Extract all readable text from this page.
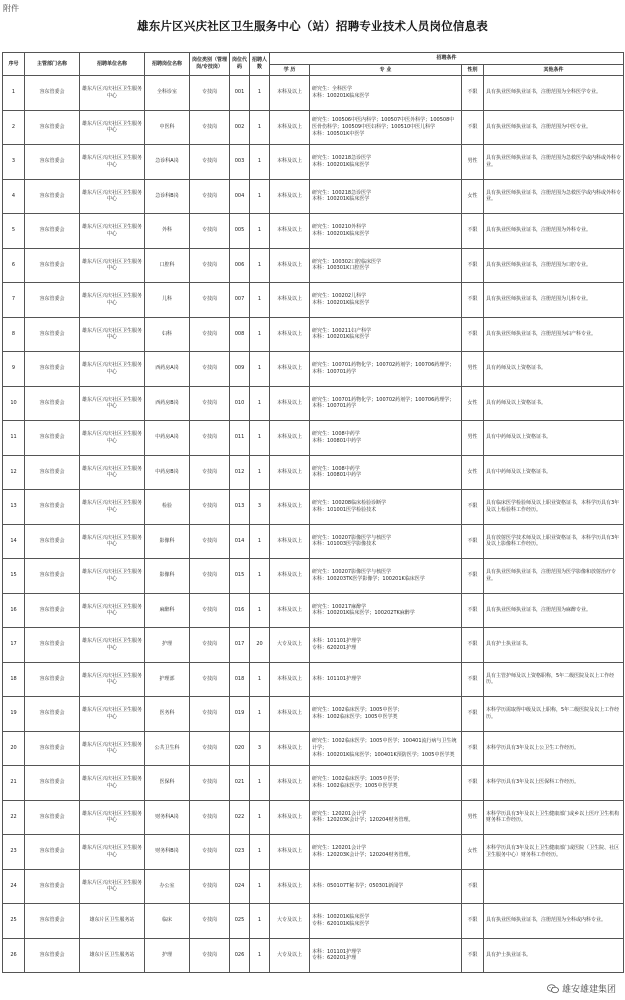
附件
雄东片区兴庆社区卫生服务中心（站）招聘专业技术人员岗位信息表
序号	主管部门名称	招聘单位名称	招聘岗位名称	岗位类别（管理岗/专技岗）	岗位代码	招聘人数	招聘条件			
							学 历	专 业	性别	其他条件
1	容东管委会	雄东片区兴庆社区卫生服务中心	全科诊室	专技岗	001	1	本科及以上	研究生：全科医学
本科：100201K临床医学	不限	具有执业医师执业证书，注册范围为全科医学专业。
2	容东管委会	雄东片区兴庆社区卫生服务中心	中医科	专技岗	002	1	本科及以上	研究生：100506中医内科学；100507中医外科学；100508中医骨伤科学；100509中医妇科学；100510中医儿科学
本科：100501K中医学	不限	具有执业医师执业证书，注册范围为中医专业。
3	容东管委会	雄东片区兴庆社区卫生服务中心	急诊科A岗	专技岗	003	1	本科及以上	研究生：100218急诊医学
本科：100201K临床医学	男性	具有执业医师执业证书，注册范围为急救医学或内科或外科专业。
4	容东管委会	雄东片区兴庆社区卫生服务中心	急诊科B岗	专技岗	004	1	本科及以上	研究生：100218急诊医学
本科：100201K临床医学	女性	具有执业医师执业证书，注册范围为急救医学或内科或外科专业。
5	容东管委会	雄东片区兴庆社区卫生服务中心	外科	专技岗	005	1	本科及以上	研究生：100210外科学
本科：100201K临床医学	不限	具有执业医师执业证书，注册范围为外科专业。
6	容东管委会	雄东片区兴庆社区卫生服务中心	口腔科	专技岗	006	1	本科及以上	研究生：100302口腔临床医学
本科：100301K口腔医学	不限	具有执业医师执业证书，注册范围为口腔专业。
7	容东管委会	雄东片区兴庆社区卫生服务中心	儿科	专技岗	007	1	本科及以上	研究生：100202儿科学
本科：100201K临床医学	不限	具有执业医师执业证书，注册范围为儿科专业。
8	容东管委会	雄东片区兴庆社区卫生服务中心	妇科	专技岗	008	1	本科及以上	研究生：100211妇产科学
本科：100201K临床医学	不限	具有执业医师执业证书，注册范围为妇产科专业。
9	容东管委会	雄东片区兴庆社区卫生服务中心	西药房A岗	专技岗	009	1	本科及以上	研究生：100701药物化学；100702药剂学；100706药理学；
本科：100701药学	男性	具有药师及以上资格证书。
10	容东管委会	雄东片区兴庆社区卫生服务中心	西药房B岗	专技岗	010	1	本科及以上	研究生：100701药物化学；100702药剂学；100706药理学；
本科：100701药学	女性	具有药师及以上资格证书。
11	容东管委会	雄东片区兴庆社区卫生服务中心	中药房A岗	专技岗	011	1	本科及以上	研究生：1008中药学
本科：100801中药学	男性	具有中药师及以上资格证书。
12	容东管委会	雄东片区兴庆社区卫生服务中心	中药房B岗	专技岗	012	1	本科及以上	研究生：1008中药学
本科：100801中药学	女性	具有中药师及以上资格证书。
13	容东管委会	雄东片区兴庆社区卫生服务中心	检验	专技岗	013	3	本科及以上	研究生：100208临床检验诊断学
本科：101001医学检验技术	不限	具有临床医学检验师及以上职业资格证书，本科学历具有3年及以上检验科工作经历。
14	容东管委会	雄东片区兴庆社区卫生服务中心	影像科	专技岗	014	1	本科及以上	研究生：100207影像医学与核医学
本科：101003医学影像技术	不限	具有放射医学技术师及以上职业资格证书，本科学历具有3年及以上影像科工作经历。
15	容东管委会	雄东片区兴庆社区卫生服务中心	影像科	专技岗	015	1	本科及以上	研究生：100207影像医学与核医学
本科：100203TK医学影像学；100201K临床医学	不限	具有执业医师执业证书，注册范围为医学影像和放射治疗专业。
16	容东管委会	雄东片区兴庆社区卫生服务中心	麻醉科	专技岗	016	1	本科及以上	研究生：100217麻醉学
本科：100201K临床医学；100202TK麻醉学	不限	具有执业医师执业证书，注册范围为麻醉专业。
17	容东管委会	雄东片区兴庆社区卫生服务中心	护理	专技岗	017	20	大专及以上	本科：101101护理学
专科：620201护理	不限	具有护士执业证书。
18	容东管委会	雄东片区兴庆社区卫生服务中心	护理部	专技岗	018	1	本科及以上	本科：101101护理学	不限	具有主管护师及以上资格职称，5年二级医院及以上工作经历。
19	容东管委会	雄东片区兴庆社区卫生服务中心	医务科	专技岗	019	1	本科及以上	研究生：1002临床医学；1005中医学；
本科：1002临床医学；1005中医学类	不限	本科学历需取得中级及以上职称，5年二级医院及以上工作经历。
20	容东管委会	雄东片区兴庆社区卫生服务中心	公共卫生科	专技岗	020	3	本科及以上	研究生：1002临床医学；1005中医学；100401流行病与卫生统计学；
本科：100201K临床医学；100401K预防医学；1005中医学类	不限	本科学历具有3年及以上公卫生工作经历。
21	容东管委会	雄东片区兴庆社区卫生服务中心	医保科	专技岗	021	1	本科及以上	研究生：1002临床医学；1005中医学；
本科：1002临床医学；1005中医学类	不限	本科学历具有3年及以上医保科工作经历。
22	容东管委会	雄东片区兴庆社区卫生服务中心	财务科A岗	专技岗	022	1	本科及以上	研究生：120201会计学
本科：120203K会计学；120204财务管理。	男性	本科学历具有3年及以上卫生健康部门或乡以上医疗卫生机构财务科工作经历。
23	容东管委会	雄东片区兴庆社区卫生服务中心	财务科B岗	专技岗	023	1	本科及以上	研究生：120201会计学
本科：120203K会计学；120204财务管理。	女性	本科学历具有3年及以上卫生健康部门或医院（卫生院、社区卫生服务中心）财务科工作经历。
24	容东管委会	雄东片区兴庆社区卫生服务中心	办公室	专技岗	024	1	本科及以上	本科：050107T秘书学；050301新闻学	不限	
25	容东管委会	雄东片区卫生服务站	临床	专技岗	025	1	大专及以上	本科：100201K临床医学
专科：620101K临床医学	不限	具有执业医师执业证书，注册范围为全科或内科专业。
26	容东管委会	雄东片区卫生服务站	护理	专技岗	026	1	大专及以上	本科：101101护理学
专科：620201护理	不限	具有护士执业证书。
雄安雄建集团
